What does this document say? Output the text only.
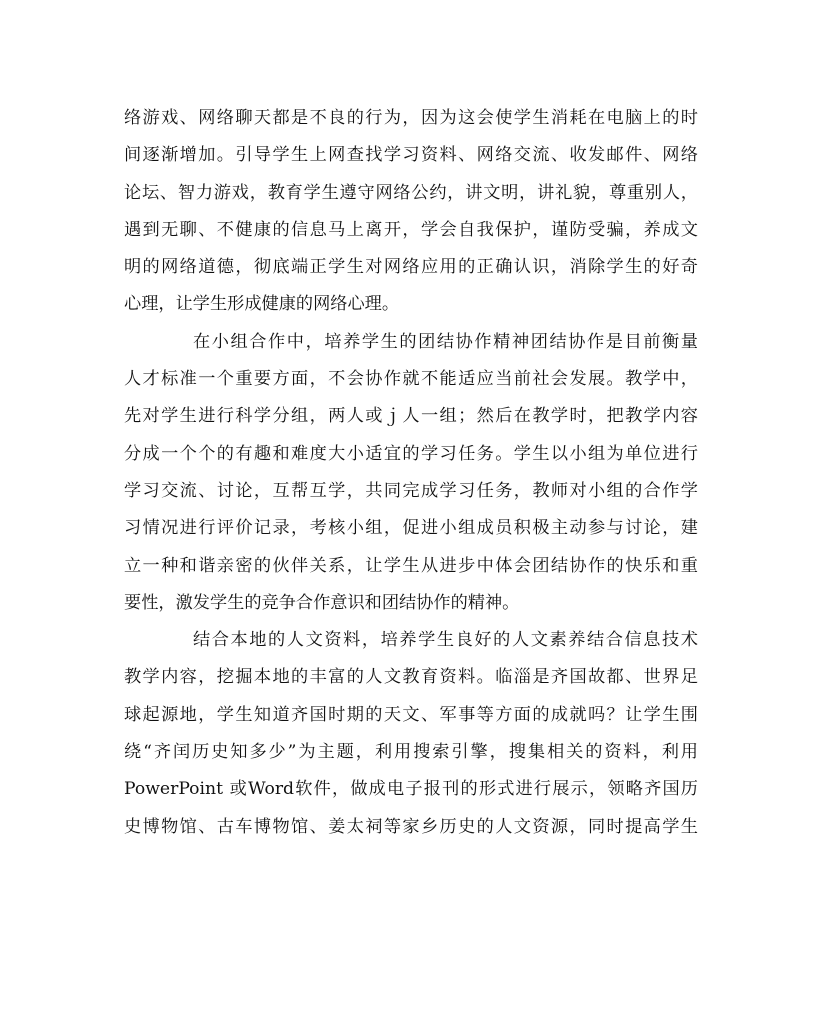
络游戏、网络聊天都是不良的行为，因为这会使学生消耗在电脑上的时
间逐渐增加。引导学生上网查找学习资料、网络交流、收发邮件、网络
论坛、智力游戏，教育学生遵守网络公约，讲文明，讲礼貌，尊重别人，
遇到无聊、不健康的信息马上离开，学会自我保护，谨防受骗，养成文
明的网络道德，彻底端正学生对网络应用的正确认识，消除学生的好奇
心理，让学生形成健康的网络心理。
在小组合作中，培养学生的团结协作精神团结协作是目前衡量
人才标准一个重要方面，不会协作就不能适应当前社会发展。教学中，
先对学生进行科学分组，两人或ｊ人一组；然后在教学时，把教学内容
分成一个个的有趣和难度大小适宜的学习任务。学生以小组为单位进行
学习交流、讨论，互帮互学，共同完成学习任务，教师对小组的合作学
习情况进行评价记录，考核小组，促进小组成员积极主动参与讨论，建
立一种和谐亲密的伙伴关系，让学生从进步中体会团结协作的快乐和重
要性，激发学生的竞争合作意识和团结协作的精神。
结合本地的人文资料，培养学生良好的人文素养结合信息技术
教学内容，挖掘本地的丰富的人文教育资料。临淄是齐国故都、世界足
球起源地，学生知道齐国时期的天文、军事等方面的成就吗？让学生围
绕“齐闰历史知多少”为主题，利用搜索引擎，搜集相关的资料，利用
PowerPoint 或Word软件，做成电子报刊的形式进行展示，领略齐国历
史博物馆、古车博物馆、姜太祠等家乡历史的人文资源，同时提高学生
